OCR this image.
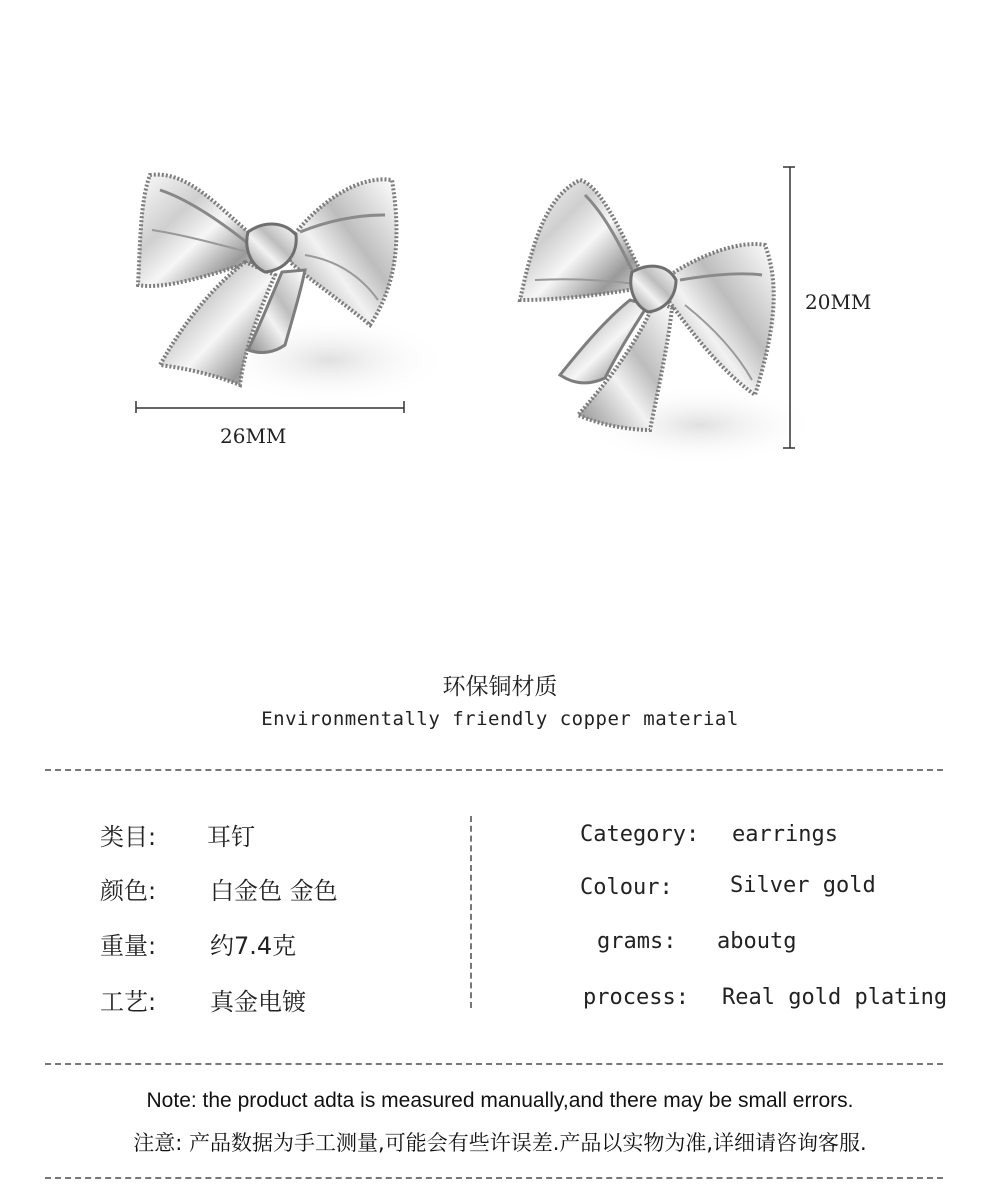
26MM
20MM
环保铜材质
Environmentally friendly copper material
类目: 耳钉
颜色: 白金色 金色
重量: 约7.4克
工艺: 真金电镀
Category: earrings
Colour:	Silver gold
grams: aboutg
process: Real gold plating
Note: the product adta is measured manually,and there may be small errors.
注意: 产品数据为手工测量,可能会有些许误差.产品以实物为准,详细请咨询客服.
